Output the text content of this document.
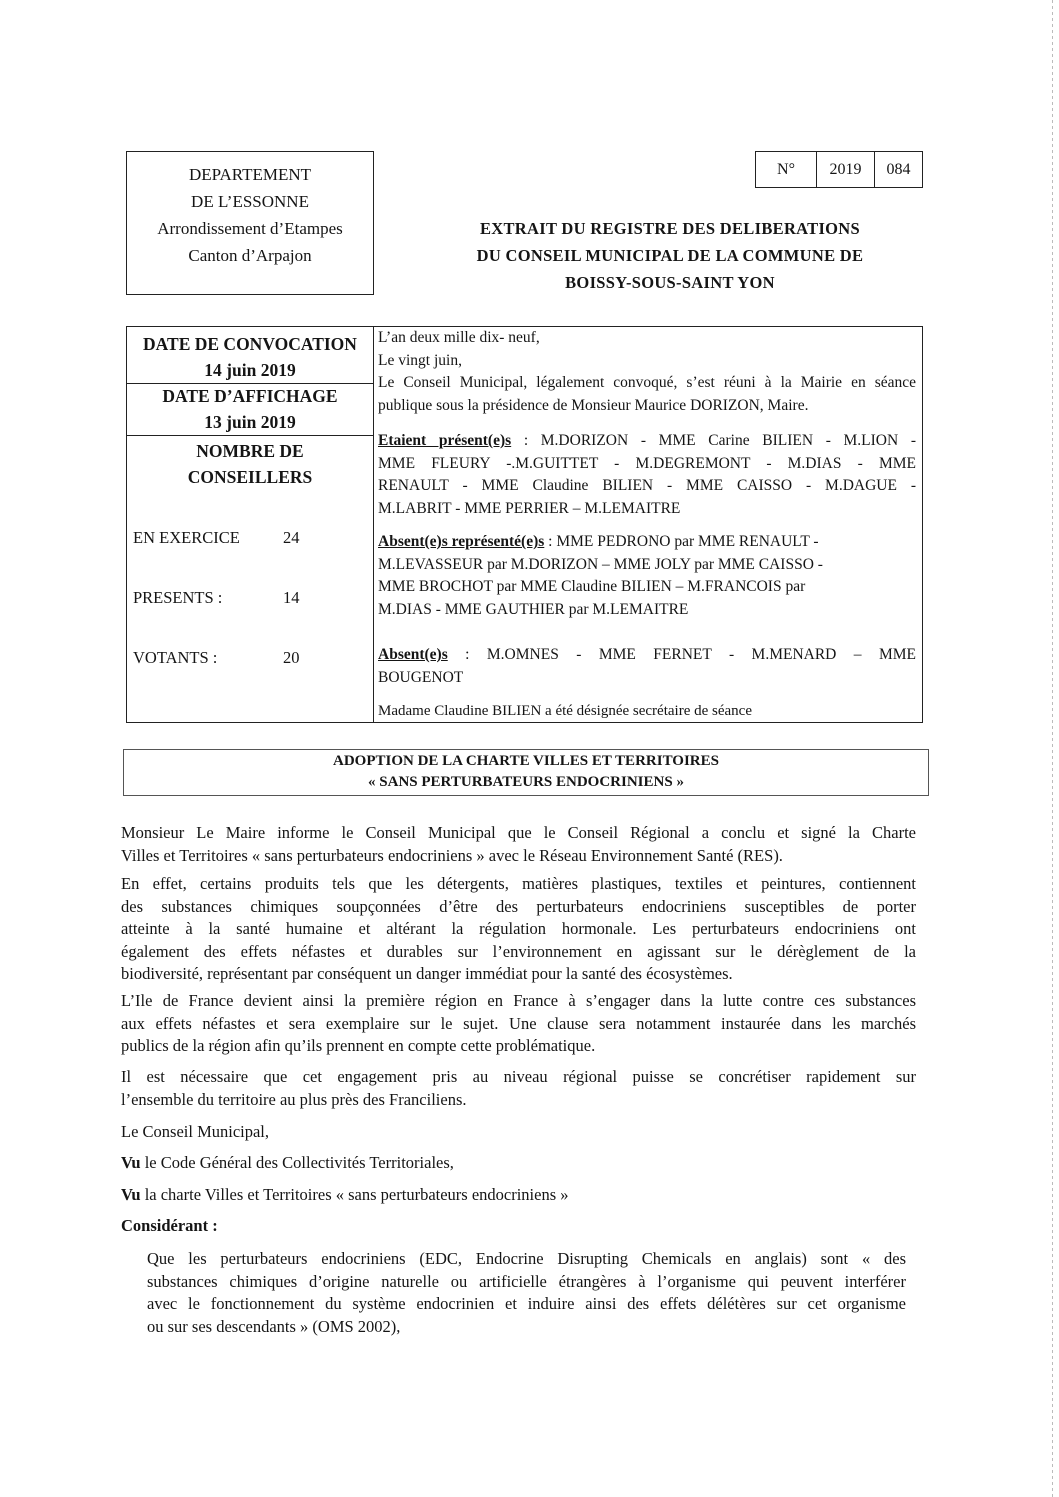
DEPARTEMENT
DE L’ESSONNE
Arrondissement d’Etampes
Canton d’Arpajon
N°	2019	084
EXTRAIT DU REGISTRE DES DELIBERATIONS
DU CONSEIL MUNICIPAL DE LA COMMUNE DE
BOISSY-SOUS-SAINT YON
DATE DE CONVOCATION
14 juin 2019
DATE D’AFFICHAGE
13 juin 2019
NOMBRE DE
CONSEILLERS
EN EXERCICE	24
PRESENTS :	14
VOTANTS :	20
L’an deux mille dix- neuf,
Le vingt juin,
Le Conseil Municipal, légalement convoqué, s’est réuni à la Mairie en séance
publique sous la présidence de Monsieur Maurice DORIZON, Maire.
Etaient présent(e)s : M.DORIZON - MME Carine BILIEN - M.LION -
MME FLEURY -.M.GUITTET - M.DEGREMONT - M.DIAS - MME
RENAULT - MME Claudine BILIEN - MME CAISSO - M.DAGUE -
M.LABRIT - MME PERRIER – M.LEMAITRE
Absent(e)s représenté(e)s : MME PEDRONO par MME RENAULT -
M.LEVASSEUR par M.DORIZON – MME JOLY par MME CAISSO -
MME BROCHOT par MME Claudine BILIEN – M.FRANCOIS par
M.DIAS - MME GAUTHIER par M.LEMAITRE
Absent(e)s : M.OMNES - MME FERNET - M.MENARD – MME
BOUGENOT
Madame Claudine BILIEN a été désignée secrétaire de séance
ADOPTION DE LA CHARTE VILLES ET TERRITOIRES
« SANS PERTURBATEURS ENDOCRINIENS »
Monsieur Le Maire informe le Conseil Municipal que le Conseil Régional a conclu et signé la Charte
Villes et Territoires « sans perturbateurs endocriniens » avec le Réseau Environnement Santé (RES).
En effet, certains produits tels que les détergents, matières plastiques, textiles et peintures, contiennent
des substances chimiques soupçonnées d’être des perturbateurs endocriniens susceptibles de porter
atteinte à la santé humaine et altérant la régulation hormonale. Les perturbateurs endocriniens ont
également des effets néfastes et durables sur l’environnement en agissant sur le dérèglement de la
biodiversité, représentant par conséquent un danger immédiat pour la santé des écosystèmes.
L’Ile de France devient ainsi la première région en France à s’engager dans la lutte contre ces substances
aux effets néfastes et sera exemplaire sur le sujet. Une clause sera notamment instaurée dans les marchés
publics de la région afin qu’ils prennent en compte cette problématique.
Il est nécessaire que cet engagement pris au niveau régional puisse se concrétiser rapidement sur
l’ensemble du territoire au plus près des Franciliens.
Le Conseil Municipal,
Vu le Code Général des Collectivités Territoriales,
Vu la charte Villes et Territoires « sans perturbateurs endocriniens »
Considérant :
Que les perturbateurs endocriniens (EDC, Endocrine Disrupting Chemicals en anglais) sont « des
substances chimiques d’origine naturelle ou artificielle étrangères à l’organisme qui peuvent interférer
avec le fonctionnement du système endocrinien et induire ainsi des effets délétères sur cet organisme
ou sur ses descendants » (OMS 2002),
